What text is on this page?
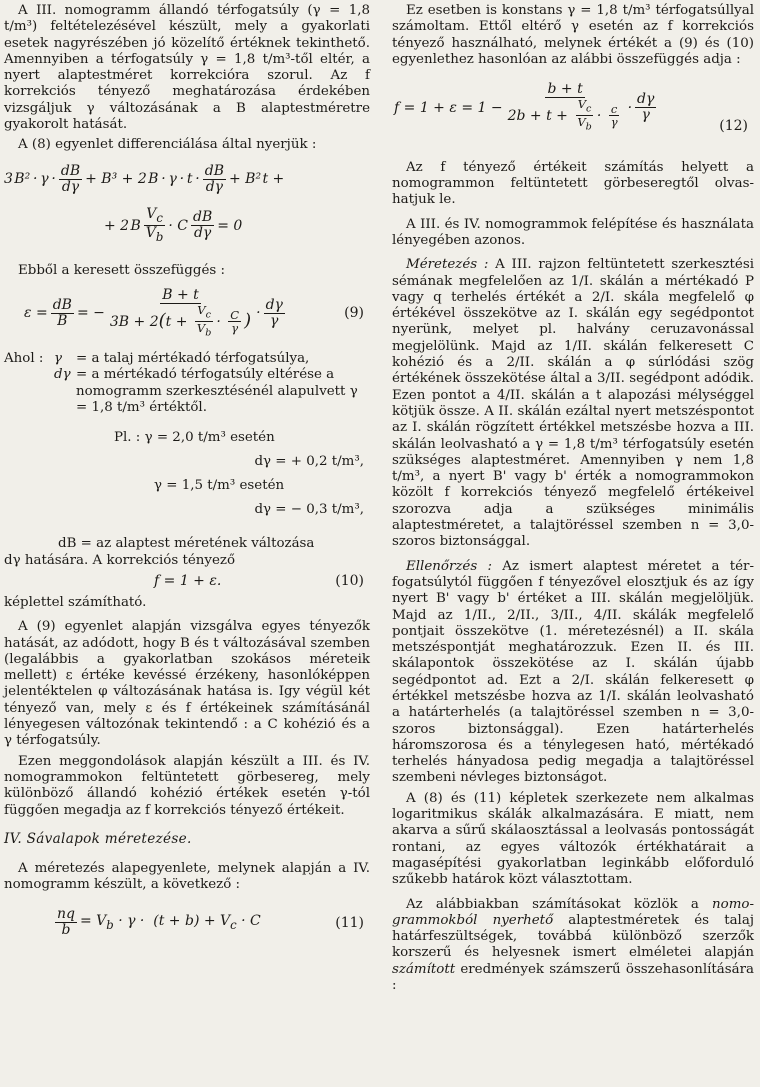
A III. nomogramm állandó térfogatsúly (γ = 1,8 t/m³) feltételezésével készült, mely a gyakorlati esetek nagyrészében jó közelítő értéknek tekinthető. Amennyiben a térfogatsúly γ = 1,8 t/m³-től eltér, a nyert alaptestméret korrekcióra szorul. Az f korrekciós tényező meghatározása érdekében vizsgáljuk γ változásának a B alaptestméretre gyakorolt hatását.

A (8) egyenlet differenciálása által nyerjük :

3 $B^2 \cdot \gamma \cdot \frac{dB}{d\gamma} + B^3 + 2$ $B \cdot \gamma \cdot t \cdot \frac{dB}{d\gamma} + B^2$ t +
+ 2 B $\frac{V_c}{V_b} \cdot C \frac{dB}{d\gamma} = 0$

Ebből a keresett összefüggés :

$\varepsilon = \frac{dB}{B}$ = − $\frac{B + t}{3B + 2(t + \frac{V_c}{V_b} \cdot \frac{C}{\gamma} )} \cdot \frac{d\gamma}{\gamma}$	(9)
Ahol : γ	= a talaj mértékadó térfogatsúlya,
dγ = a mértékadó térfogatsúly eltérése a nomogramm szerkesztésénél alapulvett γ = 1,8 t/m³ értéktől.
Pl. : γ = 2,0 t/m³ esetén
dγ = + 0,2 t/m³,
γ = 1,5 t/m³ esetén
dγ = − 0,3 t/m³,
dB = az alaptest méretének változása
dγ hatására. A korrekciós tényező
f = 1 + ε.	(10)

képlettel számítható.

A (9) egyenlet alapján vizsgálva egyes tényezők hatását, az adódott, hogy B és t változásával szemben (legalábbis a gyakorlatban szokásos méreteik mellett) ε értéke kevéssé érzékeny, hasonlóképpen jelentéktelen φ változásának hatása is. Igy végül két tényező van, mely ε és f értékeinek számításánál lényegesen változónak tekintendő : a C kohézió és a γ térfogatsúly.

Ezen meggondolások alapján készült a III. és IV. nomogrammokon feltüntetett görbesereg, mely különböző állandó kohézió értékek esetén γ-tól függően megadja az f korrekciós tényező értékeit.

IV. Sávalapok méretezése.

A méretezés alapegyenlete, melynek alapján a IV. nomogramm készült, a következő :

$\frac{nq}{b} = V_b \cdot \gamma \cdot (t + b) + V_c \cdot C$	(11)

Ez esetben is konstans γ = 1,8 t/m³ térfogatsúllyal számoltam. Ettől eltérő γ esetén az f korrekciós tényező használható, melynek értékét a (9) és (10) egyenlethez hasonlóan az alábbi összefüggés adja :

$f = 1 + \varepsilon = 1 - \frac{b + t}{2b + t + \frac{V_c}{V_b} \cdot \frac{c}{\gamma}} \cdot \frac{d\gamma}{\gamma}$
(12)

Az f tényező értékeit számítás helyett a nomogrammon feltüntetett görbeseregtől olvashatjuk le.

A III. és IV. nomogrammok felépítése és használata lényegében azonos.

Méretezés : A III. rajzon feltüntetett szerkesztési sémának megfelelően az 1/I. skálán a mértékadó P vagy q terhelés értékét a 2/I. skála megfelelő φ értékével összekötve az I. skálán egy segédpontot nyerünk, melyet pl. halvány ceruzavonással megjelölünk. Majd az 1/II. skálán felkeresett C kohézió és a 2/II. skálán a φ súrlódási szög értékének összekötése által a 3/II. segédpont adódik. Ezen pontot a 4/II. skálán a t alapozási mélységgel kötjük össze. A II. skálán ezáltal nyert metszéspontot az I. skálán rögzített értékkel metszésbe hozva a III. skálán leolvasható a γ = 1,8 t/m³ térfogatsúly esetén szükséges alaptestméret. Amennyiben γ nem 1,8 t/m³, a nyert B' vagy b' érték a nomogrammokon közölt f korrekciós tényező megfelelő értékeivel szorozva adja a szükséges minimális alaptestméretet, a talajtöréssel szemben n = 3,0-szoros biztonsággal.

Ellenőrzés : Az ismert alaptest méretet a térfogatsúlytól függően f tényezővel elosztjuk és az így nyert B' vagy b' értéket a III. skálán megjelöljük. Majd az 1/II., 2/II., 3/II., 4/II. skálák megfelelő pontjait összekötve (1. méretezésnél) a II. skála metszéspontját meghatározzuk. Ezen II. és III. skálapontok összekötése az I. skálán újabb segédpontot ad. Ezt a 2/I. skálán felkeresett φ értékkel metszésbe hozva az 1/I. skálán leolvasható a határterhelés (a talajtöréssel szemben n = 3,0-szoros biztonsággal). Ezen határterhelés háromszorosa és a ténylegesen ható, mértékadó terhelés hányadosa pedig megadja a talajtöréssel szembeni névleges biztonságot.

A (8) és (11) képletek szerkezete nem alkalmas logaritmikus skálák alkalmazására. E miatt, nem akarva a sűrű skálaosztással a leolvasás pontosságát rontani, az egyes változók értékhatárait a magasépítési gyakorlatban leginkább előforduló szűkebb határok közt választottam.

Az alábbiakban számításokat közlök a nomogrammokból nyerhető alaptestméretek és talaj határfeszültségek, továbbá különböző szerzők korszerű és helyesnek ismert elméletei alapján számított eredmények számszerű összehasonlítására :
